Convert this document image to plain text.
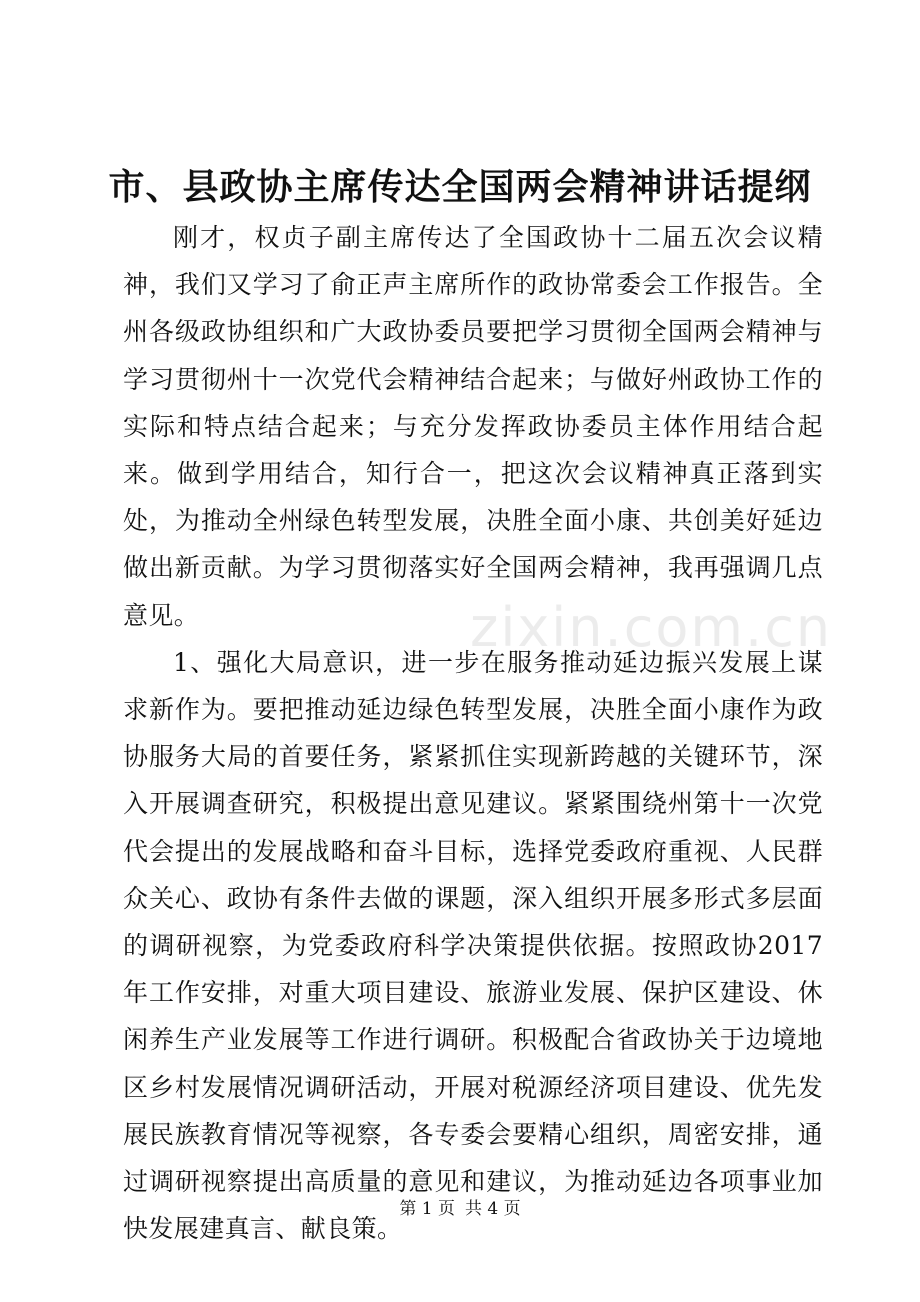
市、县政协主席传达全国两会精神讲话提纲

刚才，权贞子副主席传达了全国政协十二届五次会议精神，我们又学习了俞正声主席所作的政协常委会工作报告。全州各级政协组织和广大政协委员要把学习贯彻全国两会精神与学习贯彻州十一次党代会精神结合起来；与做好州政协工作的实际和特点结合起来；与充分发挥政协委员主体作用结合起来。做到学用结合，知行合一，把这次会议精神真正落到实处，为推动全州绿色转型发展，决胜全面小康、共创美好延边做出新贡献。为学习贯彻落实好全国两会精神，我再强调几点意见。

1、强化大局意识，进一步在服务推动延边振兴发展上谋求新作为。要把推动延边绿色转型发展，决胜全面小康作为政协服务大局的首要任务，紧紧抓住实现新跨越的关键环节，深入开展调查研究，积极提出意见建议。紧紧围绕州第十一次党代会提出的发展战略和奋斗目标，选择党委政府重视、人民群众关心、政协有条件去做的课题，深入组织开展多形式多层面的调研视察，为党委政府科学决策提供依据。按照政协2017年工作安排，对重大项目建设、旅游业发展、保护区建设、休闲养生产业发展等工作进行调研。积极配合省政协关于边境地区乡村发展情况调研活动，开展对税源经济项目建设、优先发展民族教育情况等视察，各专委会要精心组织，周密安排，通过调研视察提出高质量的意见和建议，为推动延边各项事业加快发展建真言、献良策。

zixin.com.cn
第 1 页 共 4 页
